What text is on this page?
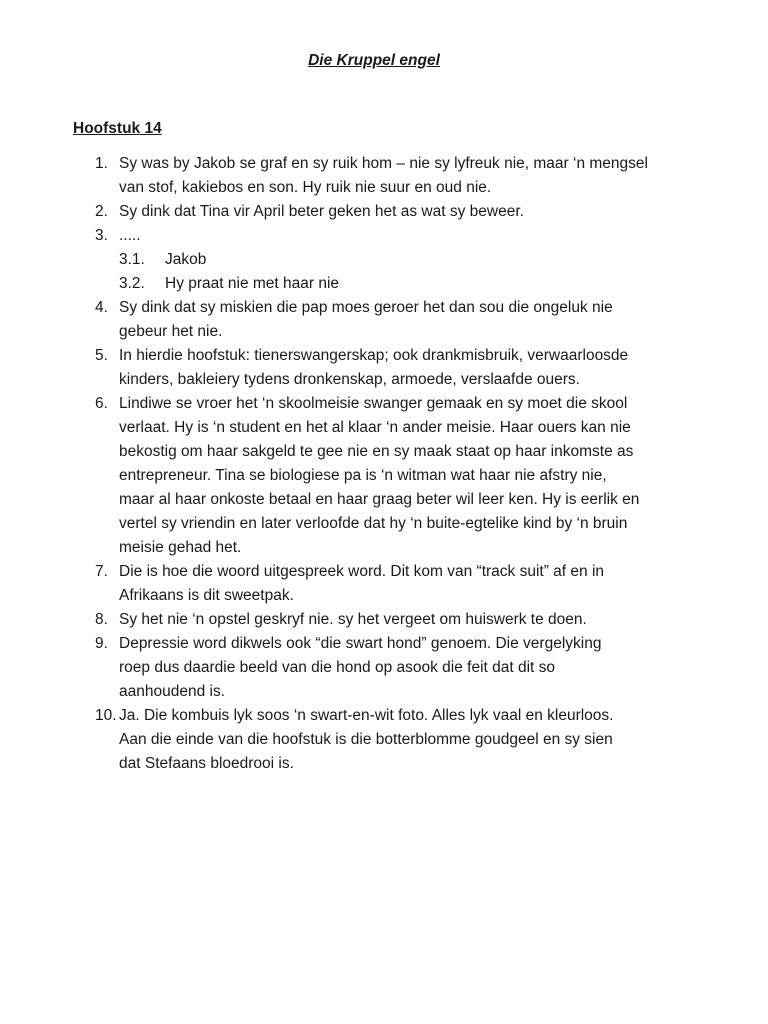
Die Kruppel engel
Hoofstuk 14
1. Sy was by Jakob se graf en sy ruik hom – nie sy lyfreuk nie, maar ‘n mengsel
van stof, kakiebos en son. Hy ruik nie suur en oud nie.
2. Sy dink dat Tina vir April beter geken het as wat sy beweer.
3. .....
3.1. Jakob
3.2. Hy praat nie met haar nie
4. Sy dink dat sy miskien die pap moes geroer het dan sou die ongeluk nie
gebeur het nie.
5. In hierdie hoofstuk: tienerswangerskap; ook drankmisbruik, verwaarloosde
kinders, bakleiery tydens dronkenskap, armoede, verslaafde ouers.
6. Lindiwe se vroer het ‘n skoolmeisie swanger gemaak en sy moet die skool
verlaat. Hy is ‘n student en het al klaar ‘n ander meisie. Haar ouers kan nie
bekostig om haar sakgeld te gee nie en sy maak staat op haar inkomste as
entrepreneur. Tina se biologiese pa is ‘n witman wat haar nie afstry nie,
maar al haar onkoste betaal en haar graag beter wil leer ken. Hy is eerlik en
vertel sy vriendin en later verloofde dat hy ‘n buite-egtelike kind by ‘n bruin
meisie gehad het.
7. Die is hoe die woord uitgespreek word. Dit kom van “track suit” af en in
Afrikaans is dit sweetpak.
8. Sy het nie ‘n opstel geskryf nie. sy het vergeet om huiswerk te doen.
9. Depressie word dikwels ook “die swart hond” genoem. Die vergelyking
roep dus daardie beeld van die hond op asook die feit dat dit so
aanhoudend is.
10. Ja. Die kombuis lyk soos ‘n swart-en-wit foto. Alles lyk vaal en kleurloos.
Aan die einde van die hoofstuk is die botterblomme goudgeel en sy sien
dat Stefaans bloedrooi is.
